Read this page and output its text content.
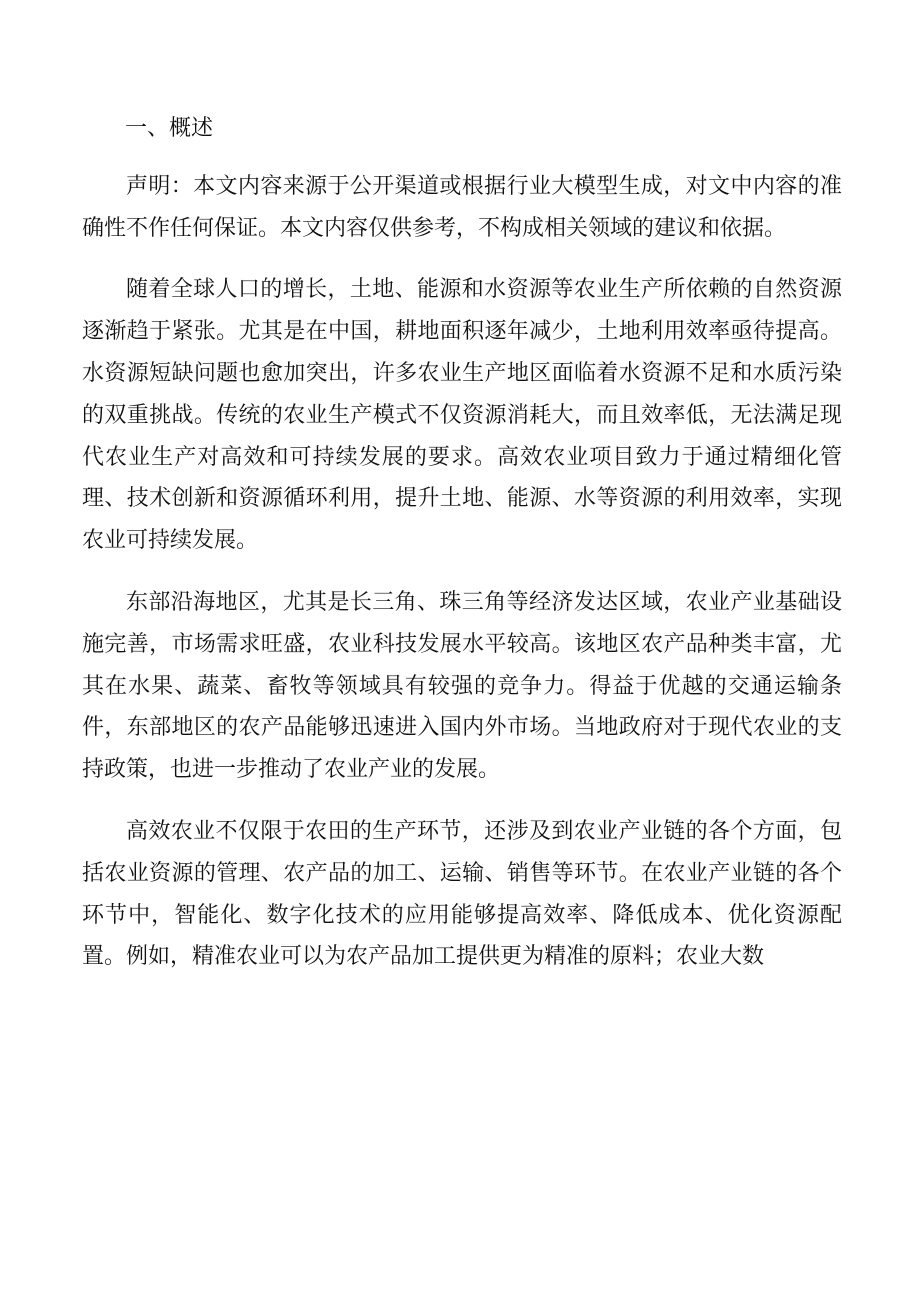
一、概述

声明：本文内容来源于公开渠道或根据行业大模型生成，对文中内容的准确性不作任何保证。本文内容仅供参考，不构成相关领域的建议和依据。

随着全球人口的增长，土地、能源和水资源等农业生产所依赖的自然资源逐渐趋于紧张。尤其是在中国，耕地面积逐年减少，土地利用效率亟待提高。水资源短缺问题也愈加突出，许多农业生产地区面临着水资源不足和水质污染的双重挑战。传统的农业生产模式不仅资源消耗大，而且效率低，无法满足现代农业生产对高效和可持续发展的要求。高效农业项目致力于通过精细化管理、技术创新和资源循环利用，提升土地、能源、水等资源的利用效率，实现农业可持续发展。

东部沿海地区，尤其是长三角、珠三角等经济发达区域，农业产业基础设施完善，市场需求旺盛，农业科技发展水平较高。该地区农产品种类丰富，尤其在水果、蔬菜、畜牧等领域具有较强的竞争力。得益于优越的交通运输条件，东部地区的农产品能够迅速进入国内外市场。当地政府对于现代农业的支持政策，也进一步推动了农业产业的发展。

高效农业不仅限于农田的生产环节，还涉及到农业产业链的各个方面，包括农业资源的管理、农产品的加工、运输、销售等环节。在农业产业链的各个环节中，智能化、数字化技术的应用能够提高效率、降低成本、优化资源配置。例如，精准农业可以为农产品加工提供更为精准的原料；农业大数
